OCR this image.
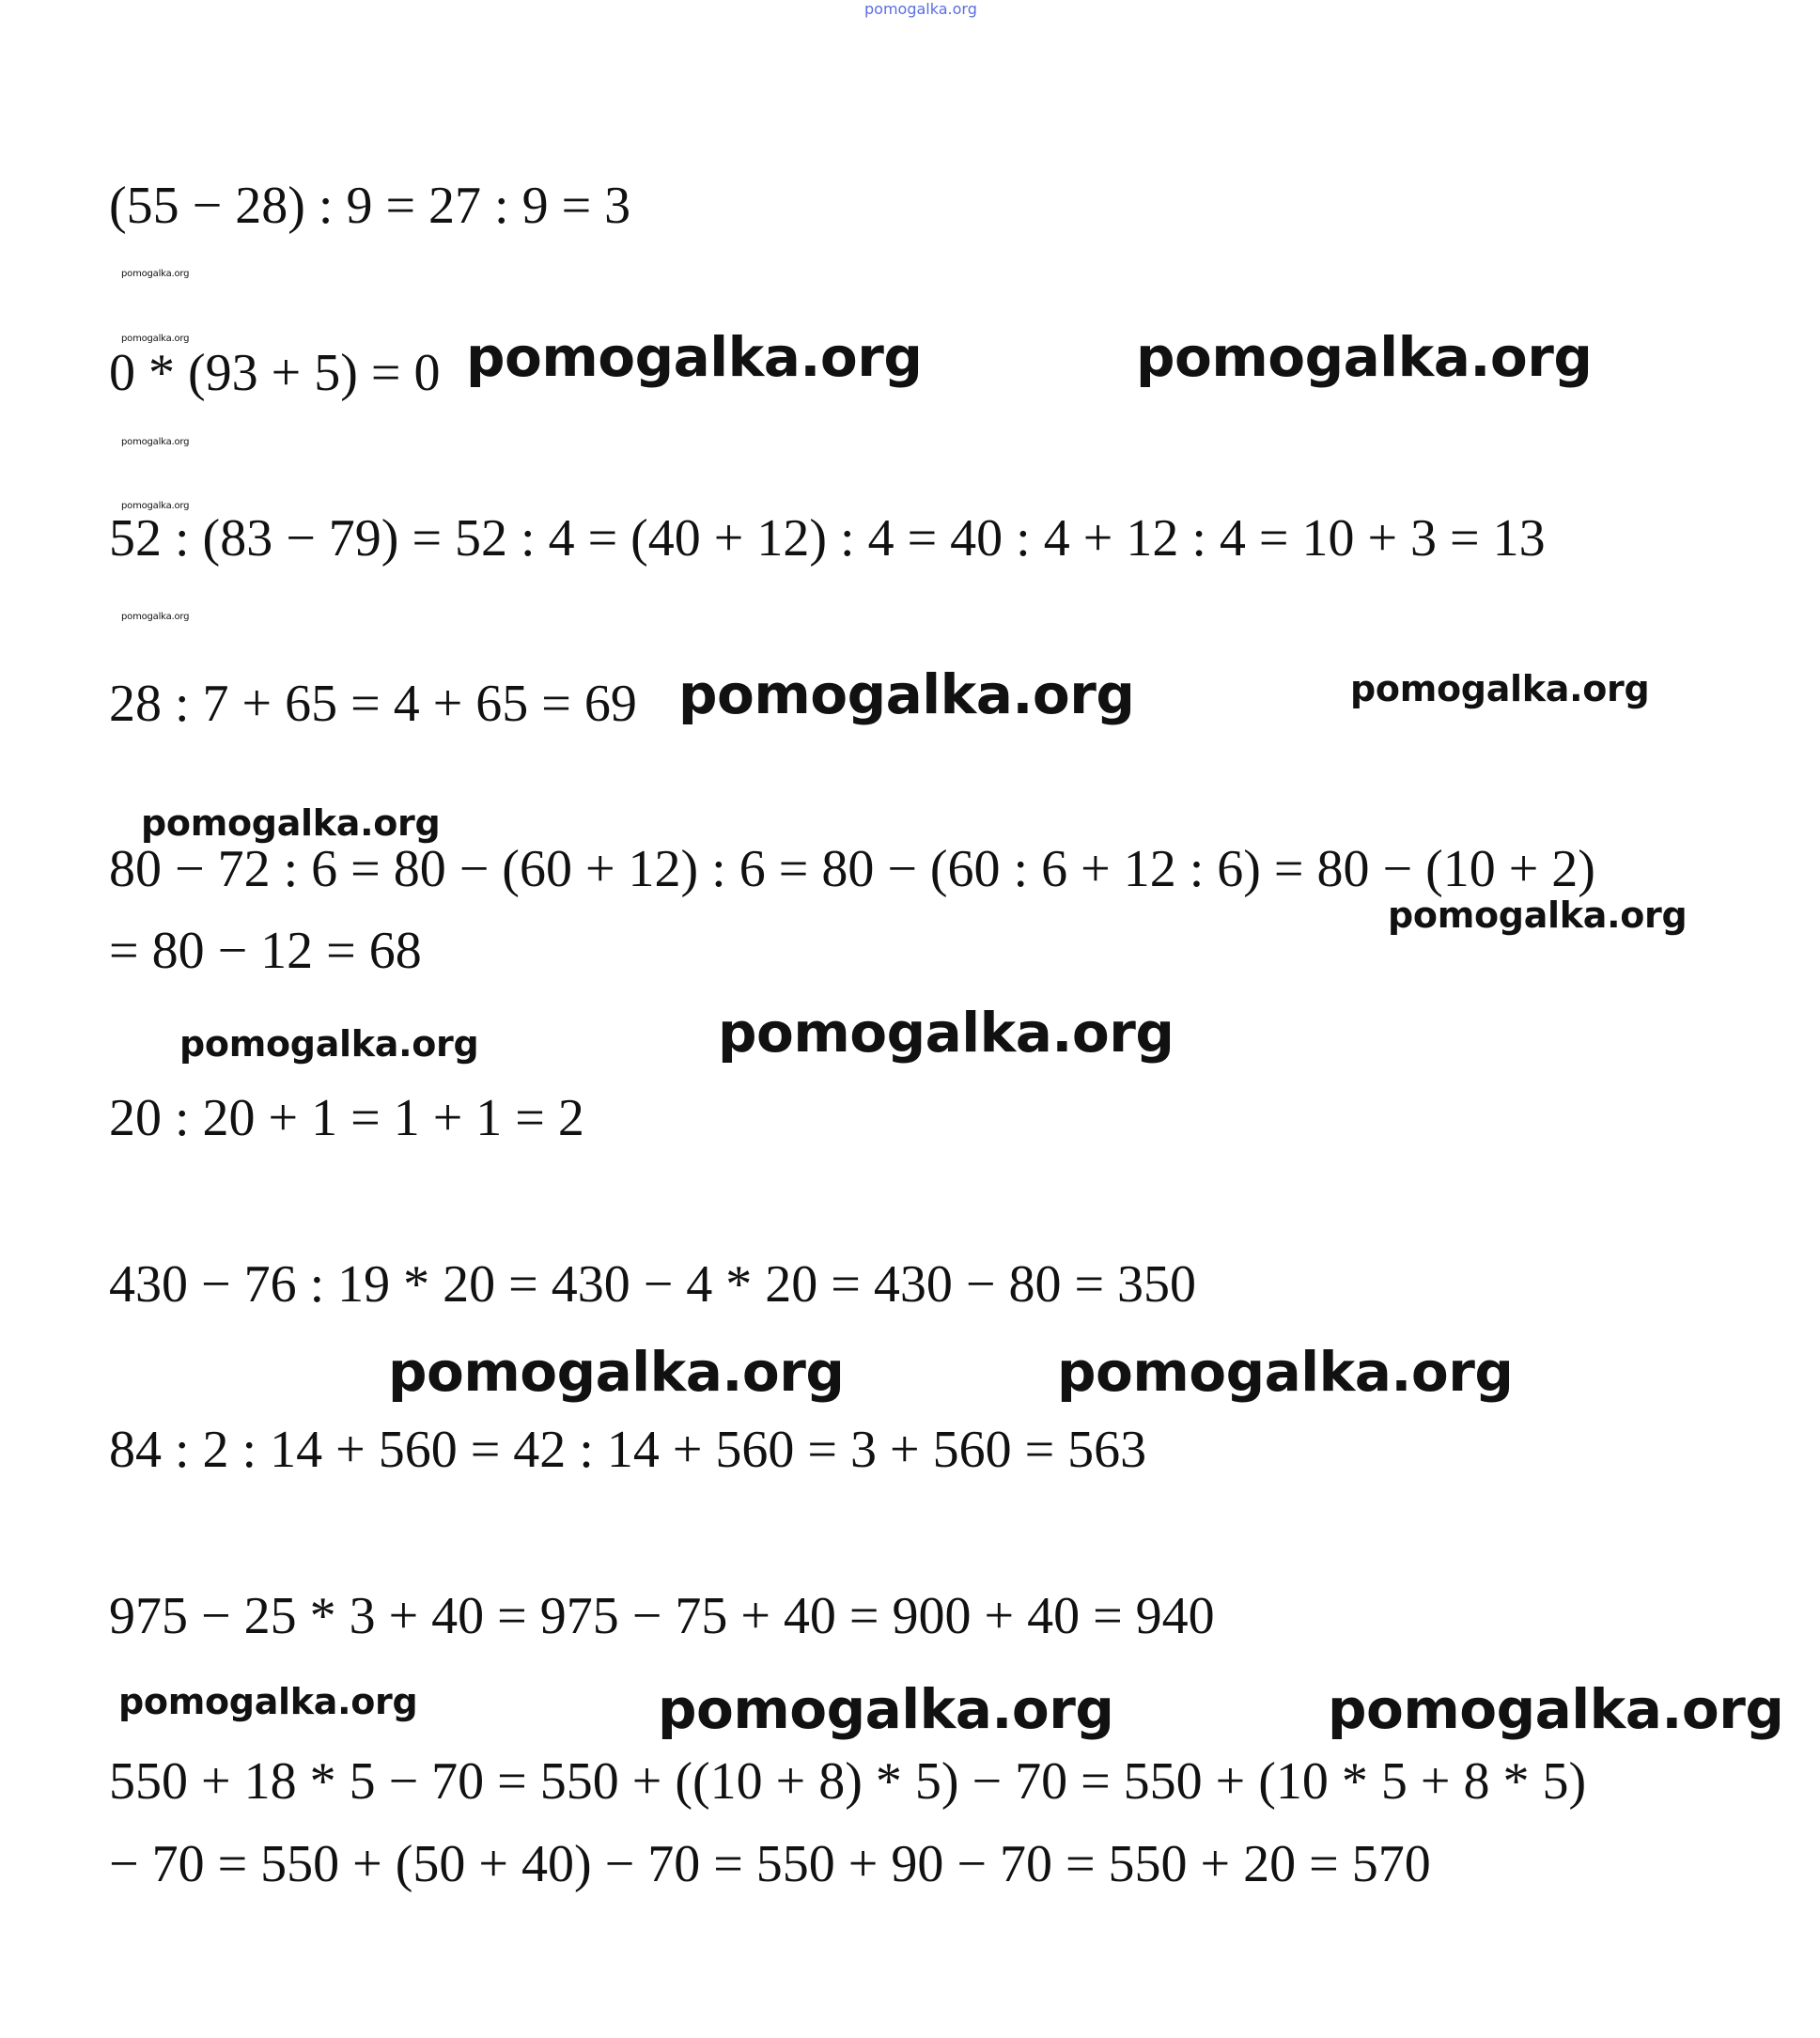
pomogalka.org
(55 − 28) : 9 = 27 : 9 = 3
pomogalka.org
pomogalka.org
0 * (93 + 5) = 0 pomogalka.org	pomogalka.org
pomogalka.org
pomogalka.org
52 : (83 − 79) = 52 : 4 = (40 + 12) : 4 = 40 : 4 + 12 : 4 = 10 + 3 = 13
pomogalka.org
28 : 7 + 65 = 4 + 65 = 69 pomogalka.org	pomogalka.org
pomogalka.org
80 − 72 : 6 = 80 − (60 + 12) : 6 = 80 − (60 : 6 + 12 : 6) = 80 − (10 + 2)
pomogalka.org
= 80 − 12 = 68
pomogalka.org	pomogalka.org
20 : 20 + 1 = 1 + 1 = 2
430 − 76 : 19 * 20 = 430 − 4 * 20 = 430 − 80 = 350
pomogalka.org	pomogalka.org
84 : 2 : 14 + 560 = 42 : 14 + 560 = 3 + 560 = 563
975 − 25 * 3 + 40 = 975 − 75 + 40 = 900 + 40 = 940
pomogalka.org	pomogalka.org	pomogalka.org
550 + 18 * 5 − 70 = 550 + ((10 + 8) * 5) − 70 = 550 + (10 * 5 + 8 * 5)
− 70 = 550 + (50 + 40) − 70 = 550 + 90 − 70 = 550 + 20 = 570
